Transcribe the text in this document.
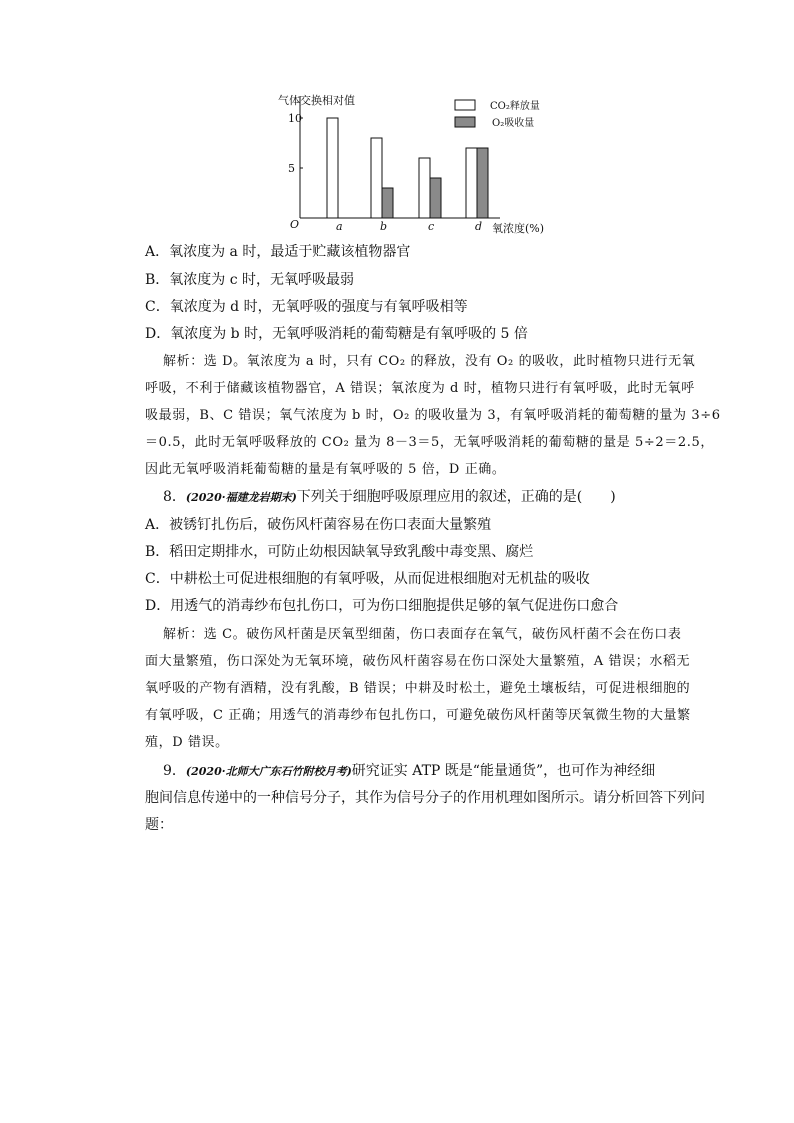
气体交换相对值
O
5
10
氧浓度(%)
a	b	c	d
CO₂释放量
O₂吸收量
A．氧浓度为 a 时，最适于贮藏该植物器官
B．氧浓度为 c 时，无氧呼吸最弱
C．氧浓度为 d 时，无氧呼吸的强度与有氧呼吸相等
D．氧浓度为 b 时，无氧呼吸消耗的葡萄糖是有氧呼吸的 5 倍
解析：选 D。氧浓度为 a 时，只有 CO₂ 的释放，没有 O₂ 的吸收，此时植物只进行无氧
呼吸，不利于储藏该植物器官，A 错误；氧浓度为 d 时，植物只进行有氧呼吸，此时无氧呼
吸最弱，B、C 错误；氧气浓度为 b 时，O₂ 的吸收量为 3，有氧呼吸消耗的葡萄糖的量为 3÷6
＝0.5，此时无氧呼吸释放的 CO₂ 量为 8－3＝5，无氧呼吸消耗的葡萄糖的量是 5÷2＝2.5，
因此无氧呼吸消耗葡萄糖的量是有氧呼吸的 5 倍，D 正确。
8．(2020·福建龙岩期末)下列关于细胞呼吸原理应用的叙述，正确的是(　　)
A．被锈钉扎伤后，破伤风杆菌容易在伤口表面大量繁殖
B．稻田定期排水，可防止幼根因缺氧导致乳酸中毒变黑、腐烂
C．中耕松土可促进根细胞的有氧呼吸，从而促进根细胞对无机盐的吸收
D．用透气的消毒纱布包扎伤口，可为伤口细胞提供足够的氧气促进伤口愈合
解析：选 C。破伤风杆菌是厌氧型细菌，伤口表面存在氧气，破伤风杆菌不会在伤口表
面大量繁殖，伤口深处为无氧环境，破伤风杆菌容易在伤口深处大量繁殖，A 错误；水稻无
氧呼吸的产物有酒精，没有乳酸，B 错误；中耕及时松土，避免土壤板结，可促进根细胞的
有氧呼吸，C 正确；用透气的消毒纱布包扎伤口，可避免破伤风杆菌等厌氧微生物的大量繁
殖，D 错误。
9．(2020·北师大广东石竹附校月考)研究证实 ATP 既是“能量通货”，也可作为神经细
胞间信息传递中的一种信号分子，其作为信号分子的作用机理如图所示。请分析回答下列问
题：
